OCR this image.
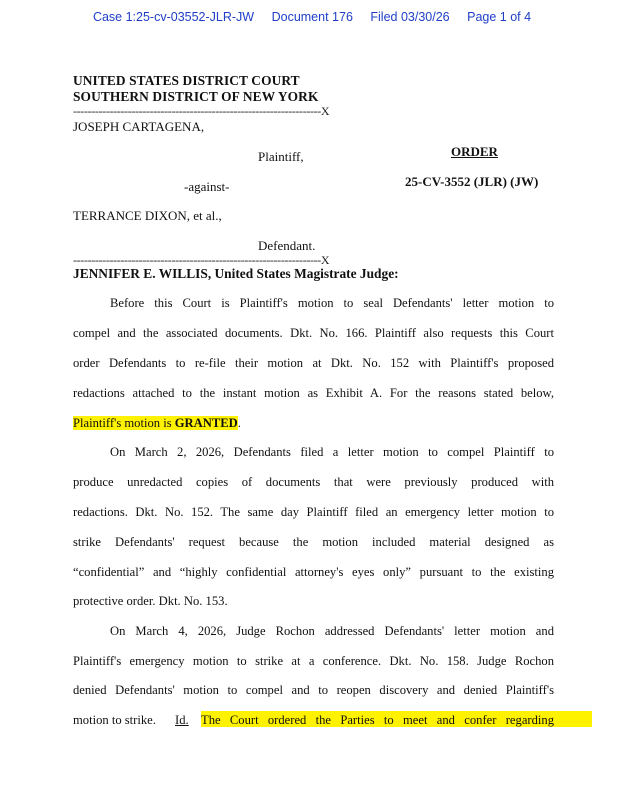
Case 1:25-cv-03552-JLR-JW Document 176 Filed 03/30/26 Page 1 of 4
UNITED STATES DISTRICT COURT
SOUTHERN DISTRICT OF NEW YORK
--------------------------------------------------------------------X
JOSEPH CARTAGENA,
Plaintiff,
-against-
TERRANCE DIXON, et al.,
Defendant.
--------------------------------------------------------------------X
ORDER
25-CV-3552 (JLR) (JW)
JENNIFER E. WILLIS, United States Magistrate Judge:
Before this Court is Plaintiff's motion to seal Defendants' letter motion to
compel and the associated documents. Dkt. No. 166. Plaintiff also requests this Court
order Defendants to re-file their motion at Dkt. No. 152 with Plaintiff's proposed
redactions attached to the instant motion as Exhibit A. For the reasons stated below,
Plaintiff's motion is GRANTED.
On March 2, 2026, Defendants filed a letter motion to compel Plaintiff to
produce unredacted copies of documents that were previously produced with
redactions. Dkt. No. 152. The same day Plaintiff filed an emergency letter motion to
strike Defendants' request because the motion included material designed as
“confidential” and “highly confidential attorney's eyes only” pursuant to the existing
protective order. Dkt. No. 153.
On March 4, 2026, Judge Rochon addressed Defendants' letter motion and
Plaintiff's emergency motion to strike at a conference. Dkt. No. 158. Judge Rochon
denied Defendants' motion to compel and to reopen discovery and denied Plaintiff's
motion to strike. Id. The Court ordered the Parties to meet and confer regarding
